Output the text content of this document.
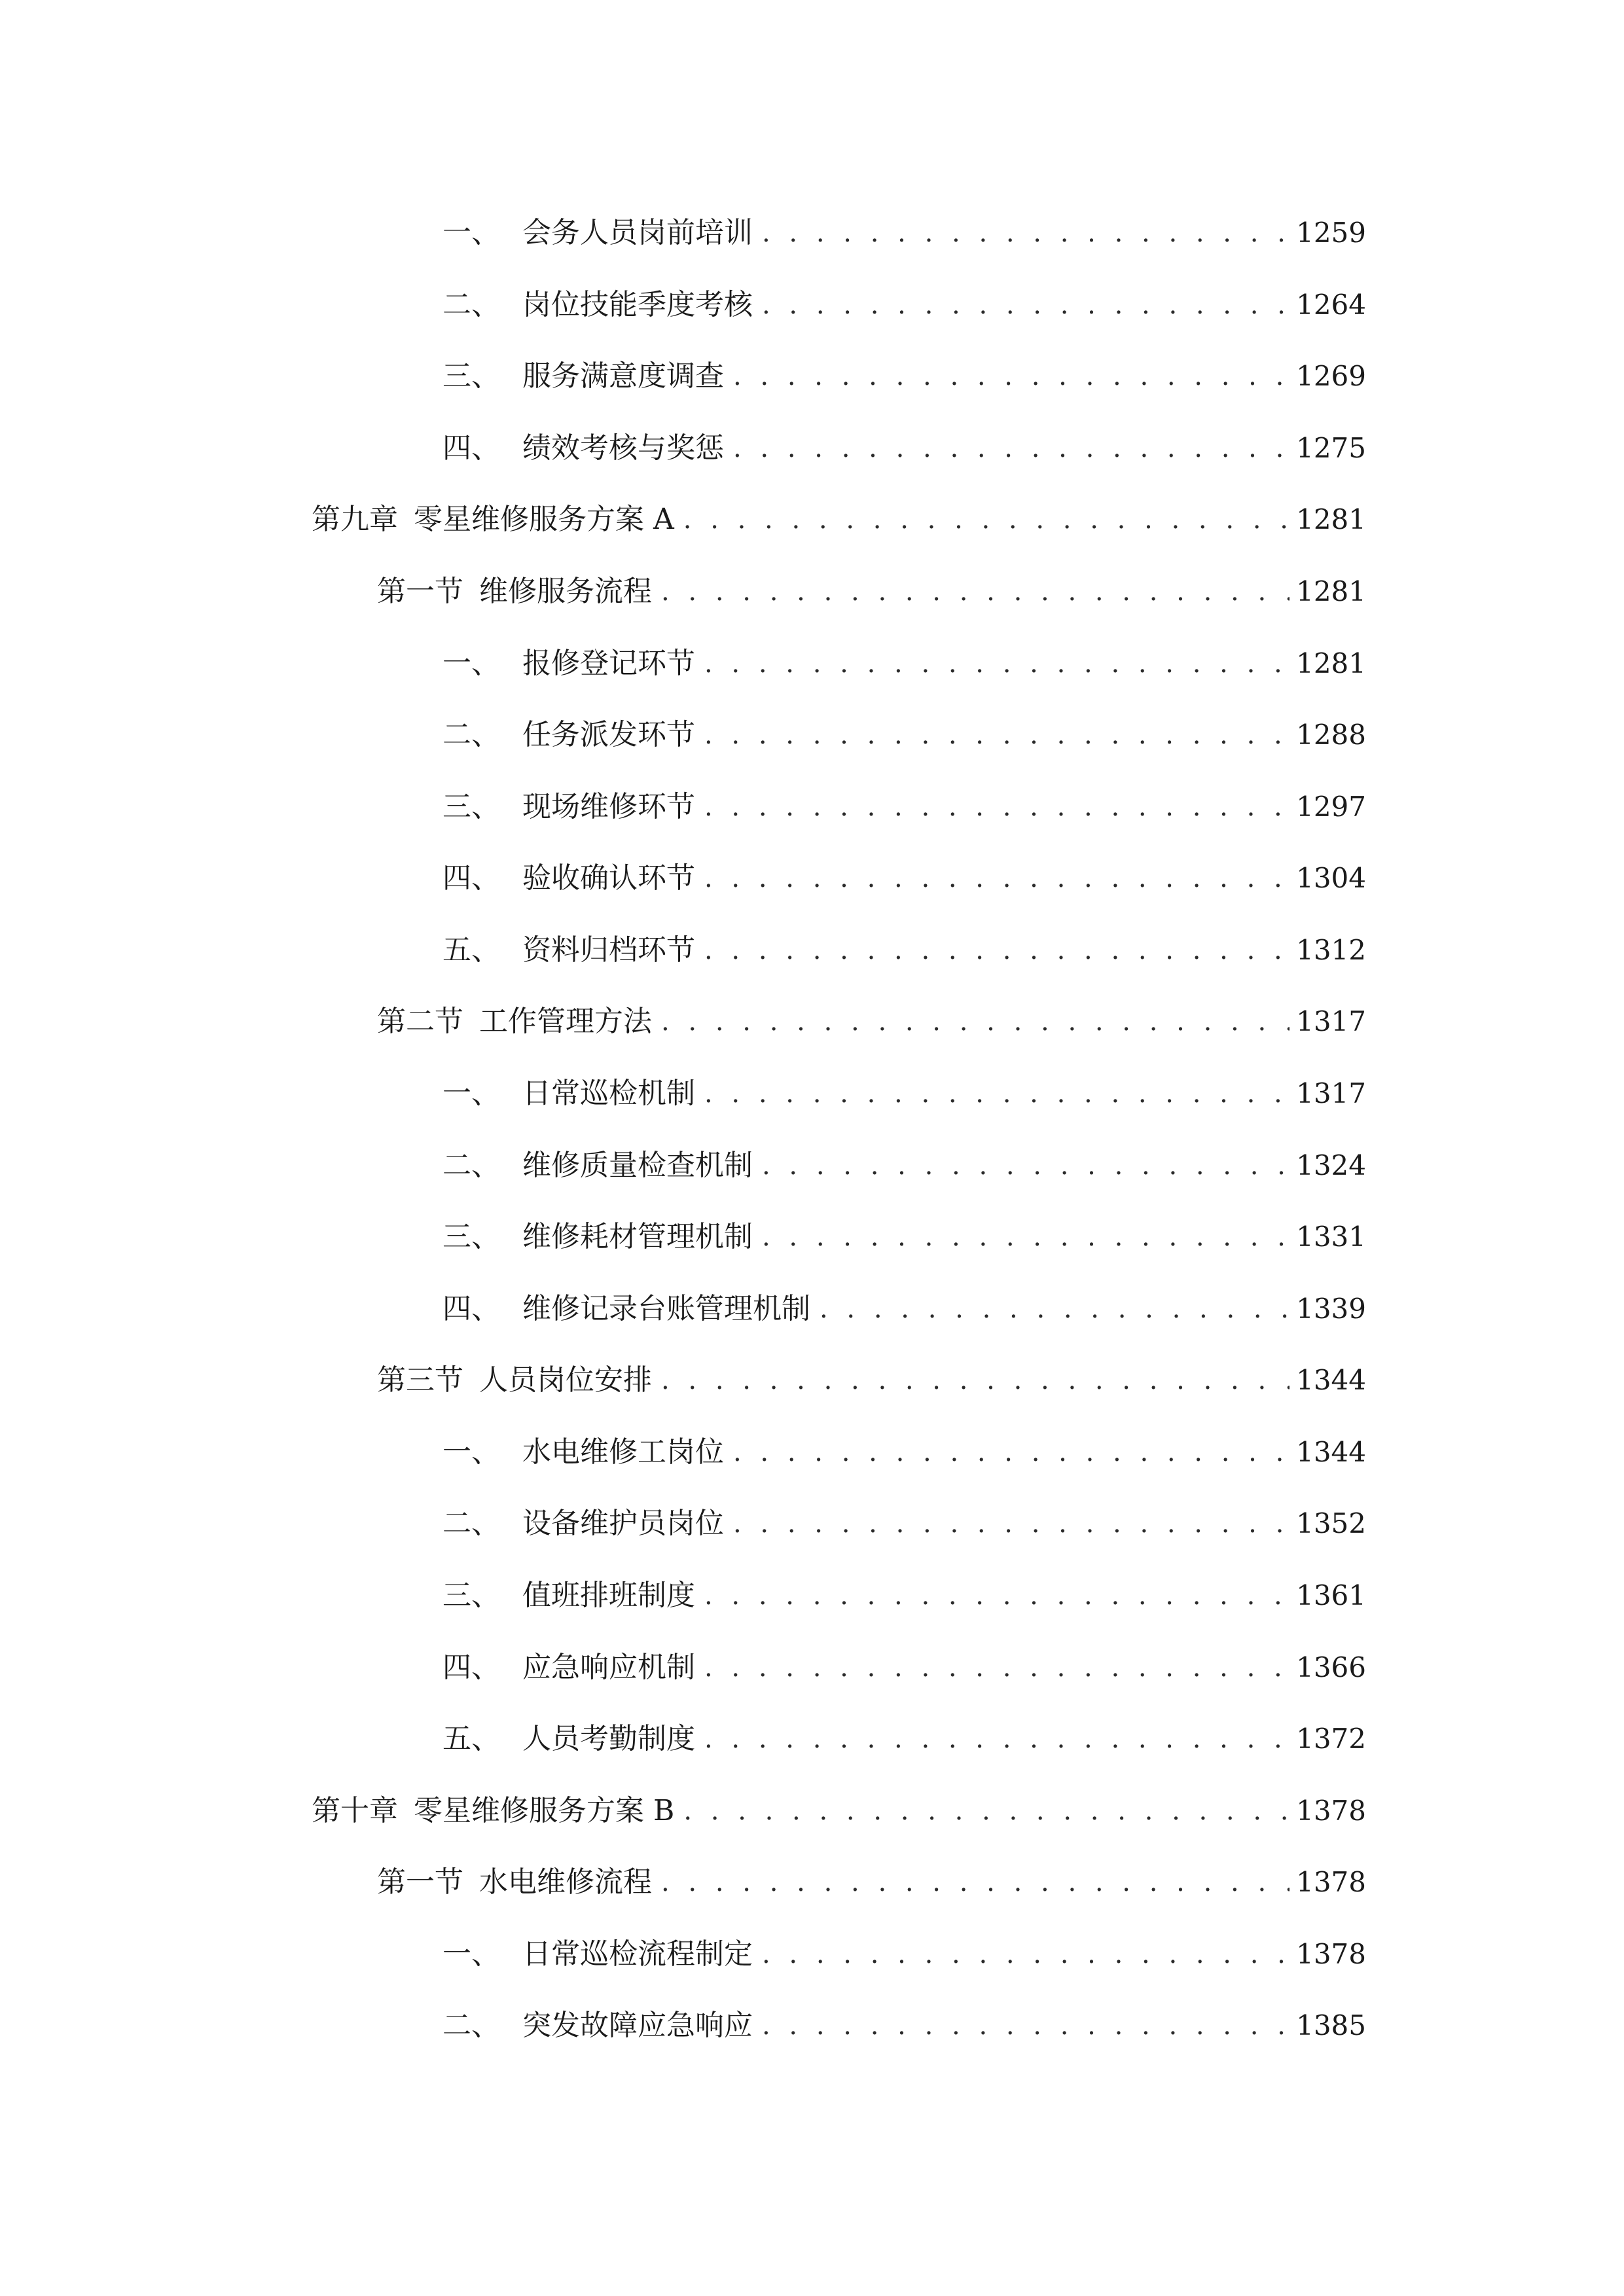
一、 会务人员岗前培训 . . .	1259
二、 岗位技能季度考核 . . .	1264
三、 服务满意度调查 . . .	1269
四、 绩效考核与奖惩 . . .	1275
第九章 零星维修服务方案 A . . .	1281
第一节 维修服务流程 . . .	1281
一、 报修登记环节 . . .	1281
二、 任务派发环节 . . .	1288
三、 现场维修环节 . . .	1297
四、 验收确认环节 . . .	1304
五、 资料归档环节 . . .	1312
第二节 工作管理方法 . . .	1317
一、 日常巡检机制 . . .	1317
二、 维修质量检查机制 . . .	1324
三、 维修耗材管理机制 . . .	1331
四、 维修记录台账管理机制 . . .	1339
第三节 人员岗位安排 . . .	1344
一、 水电维修工岗位 . . .	1344
二、 设备维护员岗位 . . .	1352
三、 值班排班制度 . . .	1361
四、 应急响应机制 . . .	1366
五、 人员考勤制度 . . .	1372
第十章 零星维修服务方案 B . . .	1378
第一节 水电维修流程 . . .	1378
一、 日常巡检流程制定 . . .	1378
二、 突发故障应急响应 . . .	1385
